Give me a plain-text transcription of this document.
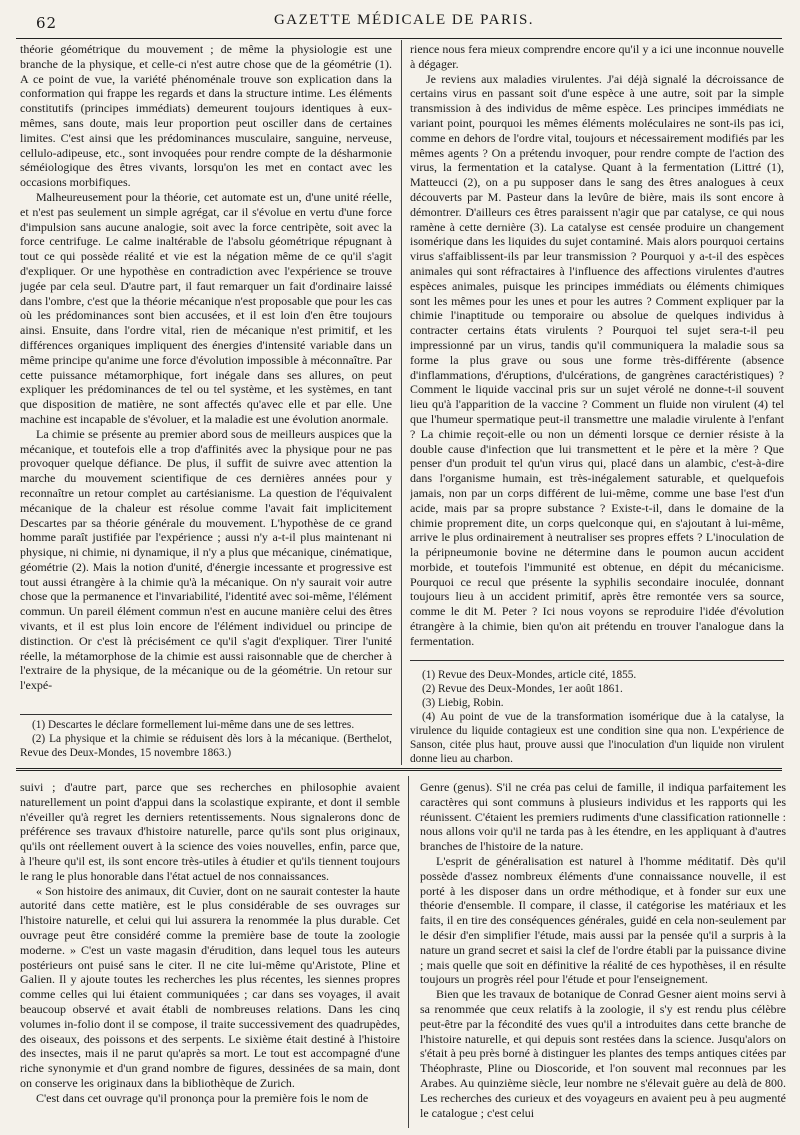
62	GAZETTE MÉDICALE DE PARIS.

théorie géométrique du mouvement ; de même la physiologie est une branche de la physique, et celle-ci n'est autre chose que de la géométrie (1). A ce point de vue, la variété phénoménale trouve son explication dans la conformation qui frappe les regards et dans la structure intime. Les éléments constitutifs (principes immédiats) demeurent toujours identiques à eux-mêmes, sans doute, mais leur proportion peut osciller dans de certaines limites. C'est ainsi que les prédominances musculaire, sanguine, nerveuse, cellulo-adipeuse, etc., sont invoquées pour rendre compte de la désharmonie séméiologique des êtres vivants, lorsqu'on les met en contact avec les occasions morbifiques.

Malheureusement pour la théorie, cet automate est un, d'une unité réelle, et n'est pas seulement un simple agrégat, car il s'évolue en vertu d'une force d'impulsion sans aucune analogie, soit avec la force centripète, soit avec la force centrifuge. Le calme inaltérable de l'absolu géométrique répugnant à tout ce qui possède réalité et vie est la négation même de ce qu'il s'agit d'expliquer. Or une hypothèse en contradiction avec l'expérience se trouve jugée par cela seul. D'autre part, il faut remarquer un fait d'ordinaire laissé dans l'ombre, c'est que la théorie mécanique n'est proposable que pour les cas où les prédominances sont bien accusées, et il est loin d'en être toujours ainsi. Ensuite, dans l'ordre vital, rien de mécanique n'est primitif, et les différences organiques impliquent des énergies d'intensité variable dans un même principe qu'anime une force d'évolution impossible à méconnaître. Par cette puissance métamorphique, fort inégale dans ses allures, on peut expliquer les prédominances de tel ou tel système, et les systèmes, en tant que disposition de matière, ne sont affectés qu'avec elle et par elle. Une machine est incapable de s'évoluer, et la maladie est une évolution anormale.

La chimie se présente au premier abord sous de meilleurs auspices que la mécanique, et toutefois elle a trop d'affinités avec la physique pour ne pas provoquer quelque défiance. De plus, il suffit de suivre avec attention la marche du mouvement scientifique de ces dernières années pour y reconnaître un retour complet au cartésianisme. La question de l'équivalent mécanique de la chaleur est résolue comme l'avait fait implicitement Descartes par sa théorie générale du mouvement. L'hypothèse de ce grand homme paraît justifiée par l'expérience ; aussi n'y a-t-il plus maintenant ni physique, ni chimie, ni dynamique, il n'y a plus que mécanique, cinématique, géométrie (2). Mais la notion d'unité, d'énergie incessante et progressive est tout aussi étrangère à la chimie qu'à la mécanique. On n'y saurait voir autre chose que la permanence et l'invariabilité, l'identité avec soi-même, l'élément commun. Un pareil élément commun n'est en aucune manière celui des êtres vivants, et il est plus loin encore de l'élément individuel ou principe de distinction. Or c'est là précisément ce qu'il s'agit d'expliquer. Tirer l'unité réelle, la métamorphose de la chimie est aussi raisonnable que de chercher à l'extraire de la physique, de la mécanique ou de la géométrie. Un retour sur l'expé-

(1) Descartes le déclare formellement lui-même dans une de ses lettres.

(2) La physique et la chimie se réduisent dès lors à la mécanique. (Berthelot, Revue des Deux-Mondes, 15 novembre 1863.)

rience nous fera mieux comprendre encore qu'il y a ici une inconnue nouvelle à dégager.

Je reviens aux maladies virulentes. J'ai déjà signalé la décroissance de certains virus en passant soit d'une espèce à une autre, soit par la simple transmission à des individus de même espèce. Les principes immédiats ne variant point, pourquoi les mêmes éléments moléculaires ne sont-ils pas ici, comme en dehors de l'ordre vital, toujours et nécessairement modifiés par les mêmes agents ? On a prétendu invoquer, pour rendre compte de l'action des virus, la fermentation et la catalyse. Quant à la fermentation (Littré (1), Matteucci (2), on a pu supposer dans le sang des êtres analogues à ceux découverts par M. Pasteur dans la levûre de bière, mais ils sont encore à démontrer. D'ailleurs ces êtres paraissent n'agir que par catalyse, ce qui nous ramène à cette dernière (3). La catalyse est censée produire un changement isomérique dans les liquides du sujet contaminé. Mais alors pourquoi certains virus s'affaiblissent-ils par leur transmission ? Pourquoi y a-t-il des espèces animales qui sont réfractaires à l'influence des affections virulentes d'autres espèces animales, puisque les principes immédiats ou éléments chimiques sont les mêmes pour les unes et pour les autres ? Comment expliquer par la chimie l'inaptitude ou temporaire ou absolue de quelques individus à contracter certains états virulents ? Pourquoi tel sujet sera-t-il peu impressionné par un virus, tandis qu'il communiquera la maladie sous sa forme la plus grave ou sous une forme très-différente (absence d'inflammations, d'éruptions, d'ulcérations, de gangrènes caractéristiques) ? Comment le liquide vaccinal pris sur un sujet vérolé ne donne-t-il souvent lieu qu'à l'apparition de la vaccine ? Comment un fluide non virulent (4) tel que l'humeur spermatique peut-il transmettre une maladie virulente à l'enfant ? La chimie reçoit-elle ou non un démenti lorsque ce dernier résiste à la double cause d'infection que lui transmettent et le père et la mère ? Que penser d'un produit tel qu'un virus qui, placé dans un alambic, c'est-à-dire dans l'organisme humain, est très-inégalement saturable, et quelquefois jamais, non par un corps différent de lui-même, comme une base l'est d'un acide, mais par sa propre substance ? Existe-t-il, dans le domaine de la chimie proprement dite, un corps quelconque qui, en s'ajoutant à lui-même, arrive le plus ordinairement à neutraliser ses propres effets ? L'inoculation de la péripneumonie bovine ne détermine dans le poumon aucun accident morbide, et toutefois l'immunité est obtenue, en dépit du mécanicisme. Pourquoi ce recul que présente la syphilis secondaire inoculée, donnant toujours lieu à un accident primitif, après être remontée vers sa source, comme le dit M. Peter ? Ici nous voyons se reproduire l'idée d'évolution étrangère à la chimie, bien qu'on ait prétendu en trouver l'analogue dans la fermentation.

(1) Revue des Deux-Mondes, article cité, 1855.

(2) Revue des Deux-Mondes, 1er août 1861.

(3) Liebig, Robin.

(4) Au point de vue de la transformation isomérique due à la catalyse, la virulence du liquide contagieux est une condition sine qua non. L'expérience de Sanson, citée plus haut, prouve aussi que l'inoculation d'un liquide non virulent donne lieu au charbon.

suivi ; d'autre part, parce que ses recherches en philosophie avaient naturellement un point d'appui dans la scolastique expirante, et dont il semble n'éveiller qu'à regret les derniers retentissements. Nous signalerons donc de préférence ses travaux d'histoire naturelle, parce qu'ils sont plus originaux, qu'ils ont réellement ouvert à la science des voies nouvelles, enfin, parce que, à l'heure qu'il est, ils sont encore très-utiles à étudier et qu'ils tiennent toujours le rang le plus honorable dans l'état actuel de nos connaissances.

« Son histoire des animaux, dit Cuvier, dont on ne saurait contester la haute autorité dans cette matière, est le plus considérable de ses ouvrages sur l'histoire naturelle, et celui qui lui assurera la renommée la plus durable. Cet ouvrage peut être considéré comme la première base de toute la zoologie moderne. » C'est un vaste magasin d'érudition, dans lequel tous les auteurs postérieurs ont puisé sans le citer. Il ne cite lui-même qu'Aristote, Pline et Galien. Il y ajoute toutes les recherches les plus récentes, les siennes propres comme celles qui lui étaient communiquées ; car dans ses voyages, il avait beaucoup observé et avait établi de nombreuses relations. Dans les cinq volumes in-folio dont il se compose, il traite successivement des quadrupèdes, des oiseaux, des poissons et des serpents. Le sixième était destiné à l'histoire des insectes, mais il ne parut qu'après sa mort. Le tout est accompagné d'une riche synonymie et d'un grand nombre de figures, dessinées de sa main, dont on conserve les originaux dans la bibliothèque de Zurich.

C'est dans cet ouvrage qu'il prononça pour la première fois le nom de

Genre (genus). S'il ne créa pas celui de famille, il indiqua parfaitement les caractères qui sont communs à plusieurs individus et les rapports qui les réunissent. C'étaient les premiers rudiments d'une classification rationnelle : nous allons voir qu'il ne tarda pas à les étendre, en les appliquant à d'autres branches de l'histoire de la nature.

L'esprit de généralisation est naturel à l'homme méditatif. Dès qu'il possède d'assez nombreux éléments d'une connaissance nouvelle, il est porté à les disposer dans un ordre méthodique, et à fonder sur eux une théorie d'ensemble. Il compare, il classe, il catégorise les matériaux et les faits, il en tire des conséquences générales, guidé en cela non-seulement par le désir d'en simplifier l'étude, mais aussi par la pensée qu'il a surpris à la nature un grand secret et saisi la clef de l'ordre établi par la puissance divine ; mais quelle que soit en définitive la réalité de ces hypothèses, il en résulte toujours un progrès réel pour l'étude et pour l'enseignement.

Bien que les travaux de botanique de Conrad Gesner aient moins servi à sa renommée que ceux relatifs à la zoologie, il s'y est rendu plus célèbre peut-être par la fécondité des vues qu'il a introduites dans cette branche de l'histoire naturelle, et qui depuis sont restées dans la science. Jusqu'alors on s'était à peu près borné à distinguer les plantes des temps antiques citées par Théophraste, Pline ou Dioscoride, et l'on souvent mal reconnues par les Arabes. Au quinzième siècle, leur nombre ne s'élevait guère au delà de 800. Les recherches des curieux et des voyageurs en avaient peu à peu augmenté le catalogue ; c'est celui
